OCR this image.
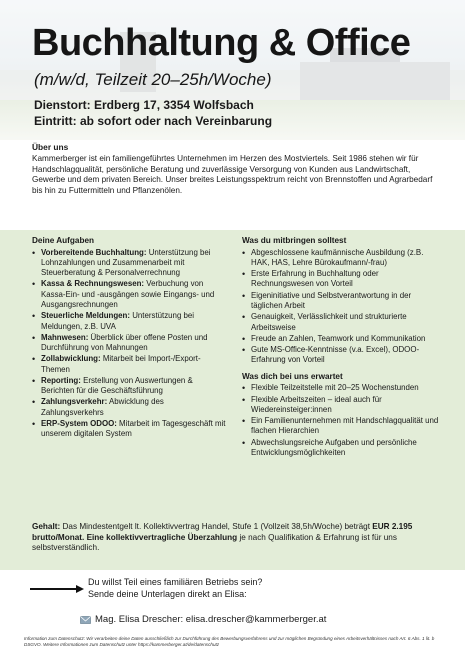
Buchhaltung & Office
(m/w/d, Teilzeit 20–25h/Woche)
Dienstort: Erdberg 17, 3354 Wolfsbach
Eintritt: ab sofort oder nach Vereinbarung
Über uns

Kammerberger ist ein familiengeführtes Unternehmen im Herzen des Mostviertels. Seit 1986 stehen wir für Handschlagqualität, persönliche Beratung und zuverlässige Versorgung von Kunden aus Landwirtschaft, Gewerbe und dem privaten Bereich. Unser breites Leistungsspektrum reicht von Brennstoffen und Agrarbedarf bis hin zu Futtermitteln und Pflanzenölen.

Deine Aufgaben
• Vorbereitende Buchhaltung: Unterstützung bei Lohnzahlungen und Zusammenarbeit mit Steuerberatung & Personalverrechnung
• Kassa & Rechnungswesen: Verbuchung von Kassa-Ein- und -ausgängen sowie Eingangs- und Ausgangsrechnungen
• Steuerliche Meldungen: Unterstützung bei Meldungen, z.B. UVA
• Mahnwesen: Überblick über offene Posten und Durchführung von Mahnungen
• Zollabwicklung: Mitarbeit bei Import-/Export-Themen
• Reporting: Erstellung von Auswertungen & Berichten für die Geschäftsführung
• Zahlungsverkehr: Abwicklung des Zahlungsverkehrs
• ERP-System ODOO: Mitarbeit im Tagesgeschäft mit unserem digitalen System
Was du mitbringen solltest
• Abgeschlossene kaufmännische Ausbildung (z.B. HAK, HAS, Lehre Bürokaufmann/-frau)
• Erste Erfahrung in Buchhaltung oder Rechnungswesen von Vorteil
• Eigeninitiative und Selbstverantwortung in der täglichen Arbeit
• Genauigkeit, Verlässlichkeit und strukturierte Arbeitsweise
• Freude an Zahlen, Teamwork und Kommunikation
• Gute MS-Office-Kenntnisse (v.a. Excel), ODOO-Erfahrung von Vorteil
Was dich bei uns erwartet
• Flexible Teilzeitstelle mit 20–25 Wochenstunden
• Flexible Arbeitszeiten – ideal auch für Wiedereinsteiger:innen
• Ein Familienunternehmen mit Handschlagqualität und flachen Hierarchien
• Abwechslungsreiche Aufgaben und persönliche Entwicklungsmöglichkeiten
Gehalt: Das Mindestentgelt lt. Kollektivvertrag Handel, Stufe 1 (Vollzeit 38,5h/Woche) beträgt EUR 2.195 brutto/Monat. Eine kollektivvertragliche Überzahlung je nach Qualifikation & Erfahrung ist für uns selbstverständlich.
Du willst Teil eines familiären Betriebs sein?
Sende deine Unterlagen direkt an Elisa:
Mag. Elisa Drescher: elisa.drescher@kammerberger.at
Information zum Datenschutz: Wir verarbeiten deine Daten ausschließlich zur Durchführung des Bewerbungsverfahrens und zur möglichen Begründung eines Arbeitsverhältnisses nach Art. 6 Abs. 1 lit. b DSGVO. Weitere Informationen zum Datenschutz unter https://kammerberger.at/de/datenschutz
